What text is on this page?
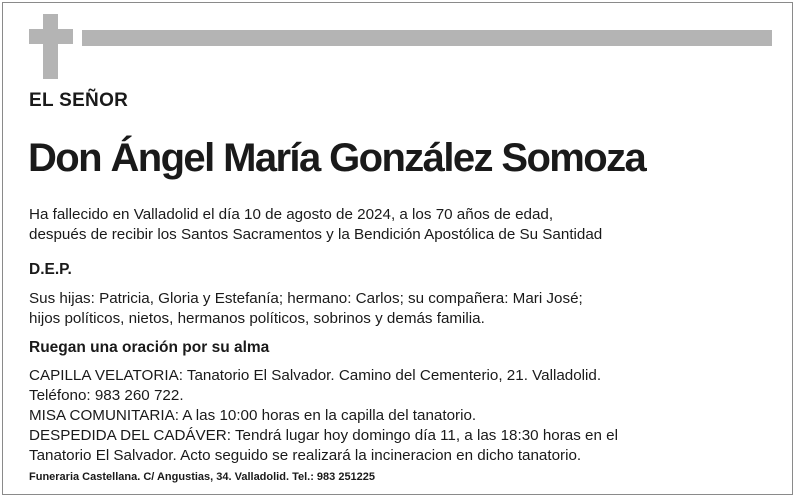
EL SEÑOR
Don Ángel María González Somoza
Ha fallecido en Valladolid el día 10 de agosto de 2024, a los 70 años de edad,
después de recibir los Santos Sacramentos y la Bendición Apostólica de Su Santidad
D.E.P.
Sus hijas: Patricia, Gloria y Estefanía; hermano: Carlos; su compañera: Mari José;
hijos políticos, nietos, hermanos políticos, sobrinos y demás familia.
Ruegan una oración por su alma
CAPILLA VELATORIA: Tanatorio El Salvador. Camino del Cementerio, 21. Valladolid.
Teléfono: 983 260 722.
MISA COMUNITARIA: A las 10:00 horas en la capilla del tanatorio.
DESPEDIDA DEL CADÁVER: Tendrá lugar hoy domingo día 11, a las 18:30 horas en el
Tanatorio El Salvador. Acto seguido se realizará la incineracion en dicho tanatorio.
Funeraria Castellana. C/ Angustias, 34. Valladolid. Tel.: 983 251225
